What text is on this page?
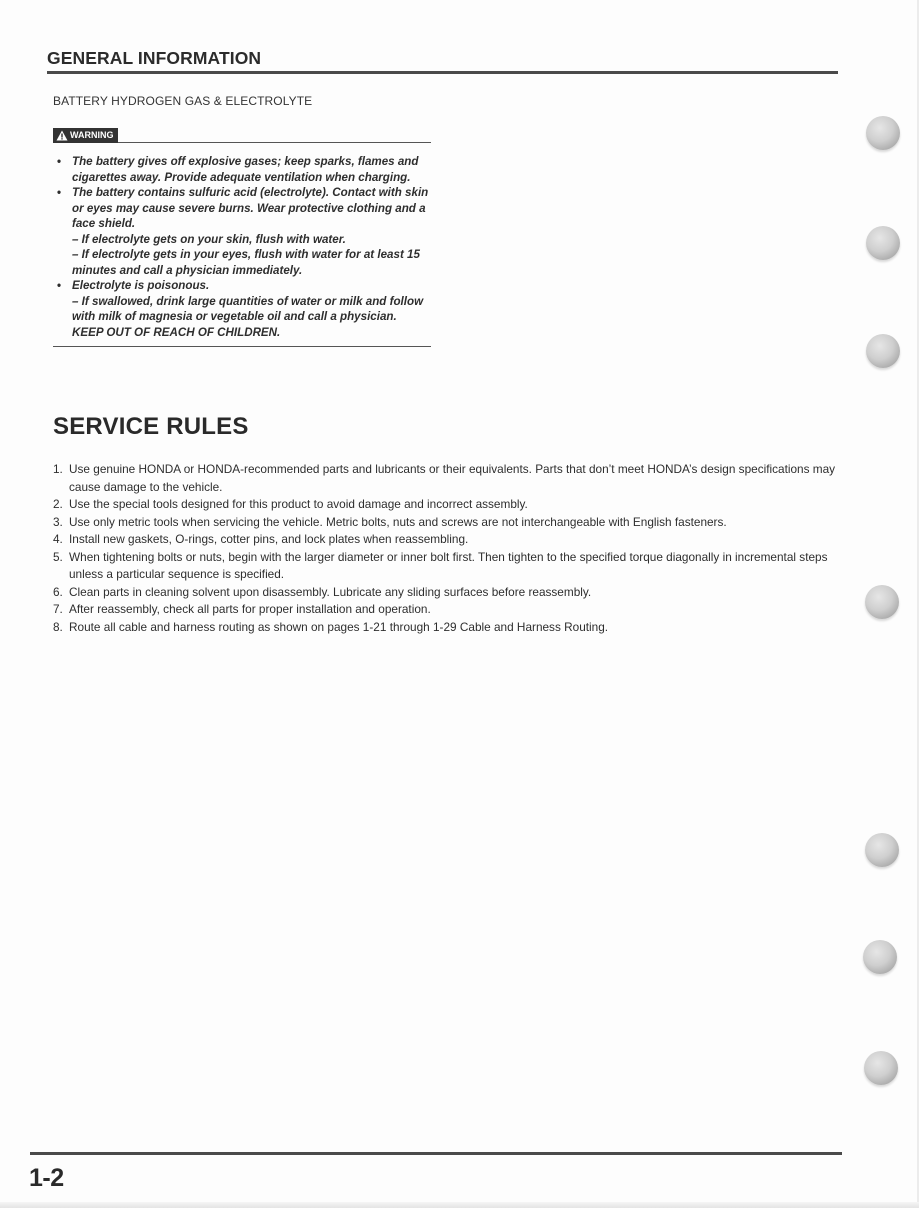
GENERAL INFORMATION
BATTERY HYDROGEN GAS & ELECTROLYTE
WARNING
• The battery gives off explosive gases; keep sparks, flames and cigarettes away. Provide adequate ventilation when charging.
• The battery contains sulfuric acid (electrolyte). Contact with skin or eyes may cause severe burns. Wear protective clothing and a face shield.
– If electrolyte gets on your skin, flush with water.
– If electrolyte gets in your eyes, flush with water for at least 15 minutes and call a physician immediately.
• Electrolyte is poisonous.
– If swallowed, drink large quantities of water or milk and follow with milk of magnesia or vegetable oil and call a physician. KEEP OUT OF REACH OF CHILDREN.
SERVICE RULES
1. Use genuine HONDA or HONDA-recommended parts and lubricants or their equivalents. Parts that don’t meet HONDA’s design specifications may cause damage to the vehicle.
2. Use the special tools designed for this product to avoid damage and incorrect assembly.
3. Use only metric tools when servicing the vehicle. Metric bolts, nuts and screws are not interchangeable with English fasteners.
4. Install new gaskets, O-rings, cotter pins, and lock plates when reassembling.
5. When tightening bolts or nuts, begin with the larger diameter or inner bolt first. Then tighten to the specified torque diagonally in incremental steps unless a particular sequence is specified.
6. Clean parts in cleaning solvent upon disassembly. Lubricate any sliding surfaces before reassembly.
7. After reassembly, check all parts for proper installation and operation.
8. Route all cable and harness routing as shown on pages 1-21 through 1-29 Cable and Harness Routing.
1-2
